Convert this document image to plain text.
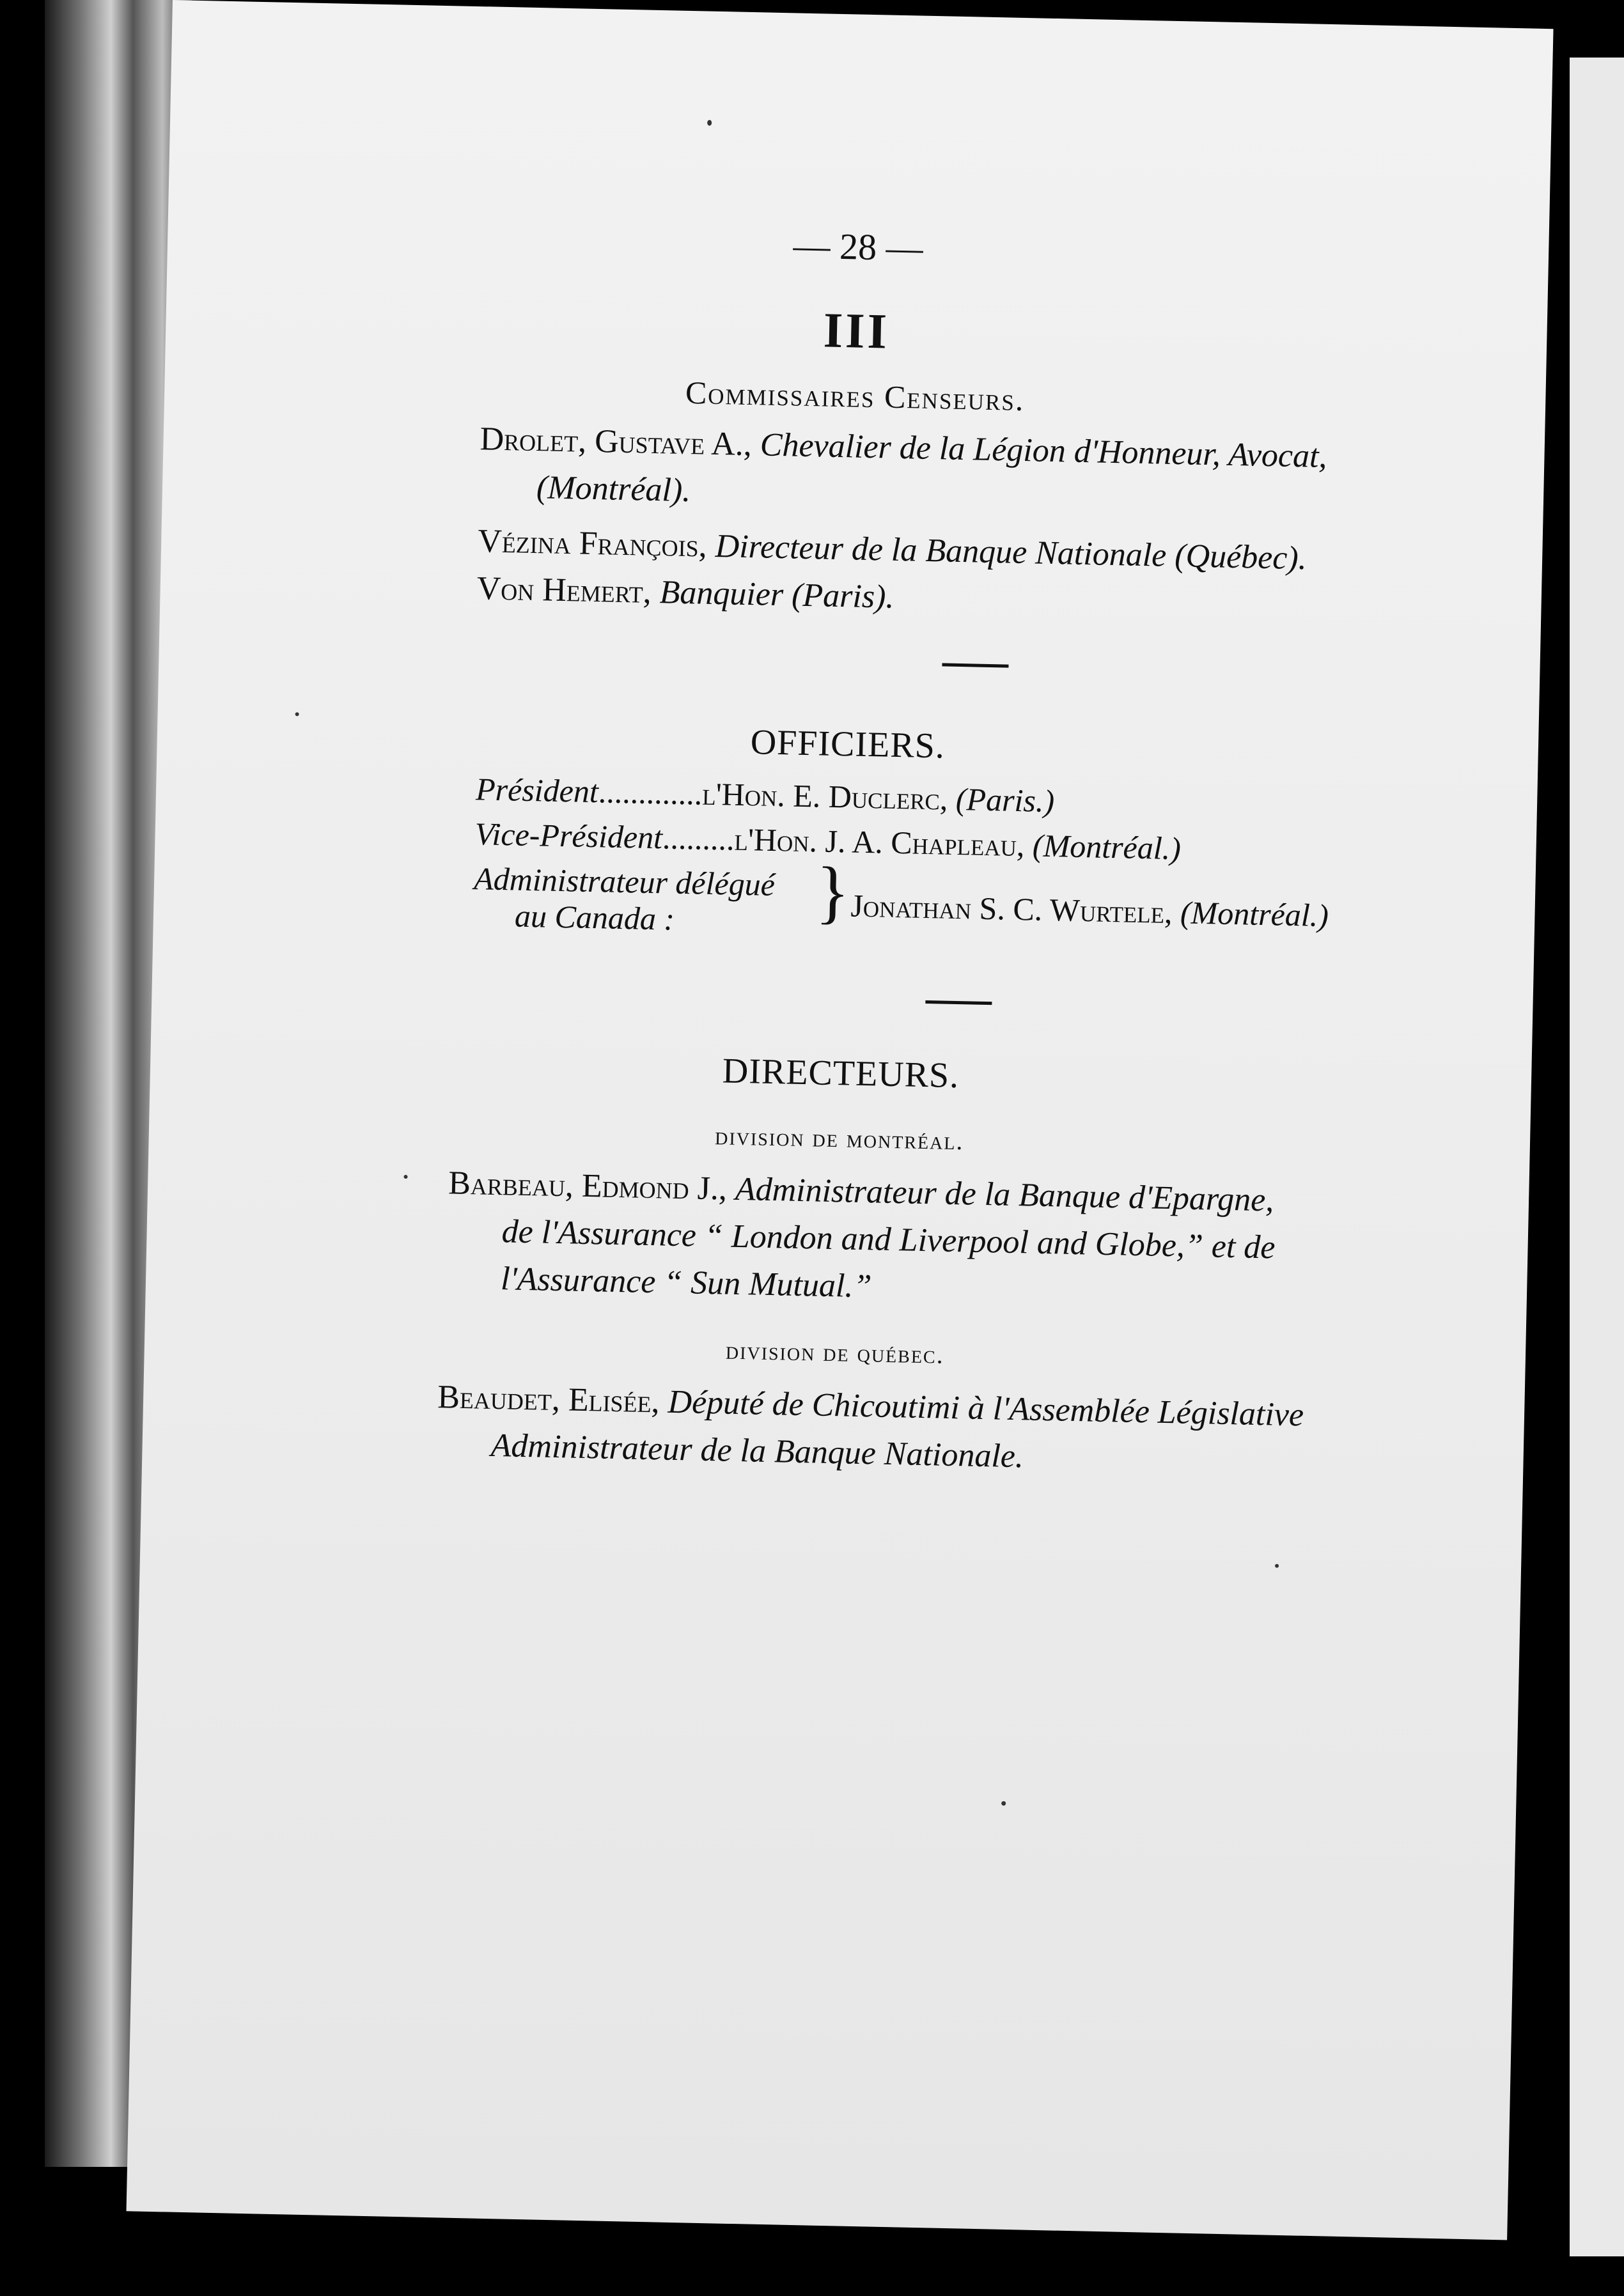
— 28 —
III
Commissaires Censeurs.
Drolet, Gustave A., Chevalier de la Légion d'Honneur, Avocat,
(Montréal).
Vézina François, Directeur de la Banque Nationale (Québec).
Von Hemert, Banquier (Paris).
OFFICIERS.
Président.............l'Hon. E. Duclerc, (Paris.)
Vice-Président.........l'Hon. J. A. Chapleau, (Montréal.)
Administrateur délégué
au Canada : } Jonathan S. C. Wurtele, (Montréal.)
DIRECTEURS.
division de montréal.
Barbeau, Edmond J., Administrateur de la Banque d'Epargne,
de l'Assurance “ London and Liverpool and Globe,” et de
l'Assurance “ Sun Mutual.”
division de québec.
Beaudet, Elisée, Député de Chicoutimi à l'Assemblée Législative
Administrateur de la Banque Nationale.
